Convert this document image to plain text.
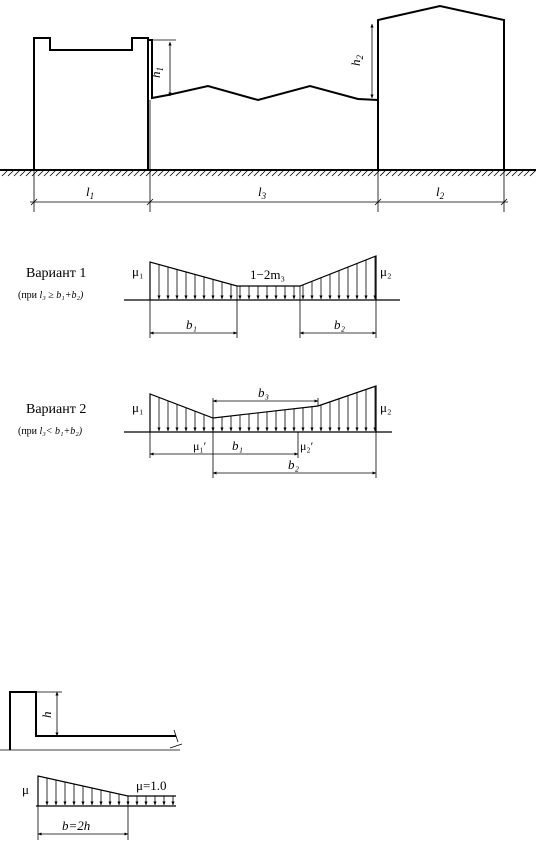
$h_1$
$h_2$
$l_1$	$l_3$	$l_2$
Вариант 1
(при l₃ ≥ b₁+b₂)
μ₁	μ₂
1−2m₃
b₁	b₂
Вариант 2
(при l₃< b₁+b₂)
μ₁	μ₂
μ₁′	μ₂′
b₃
b₁
b₂
h
μ	μ=1.0
b=2h
